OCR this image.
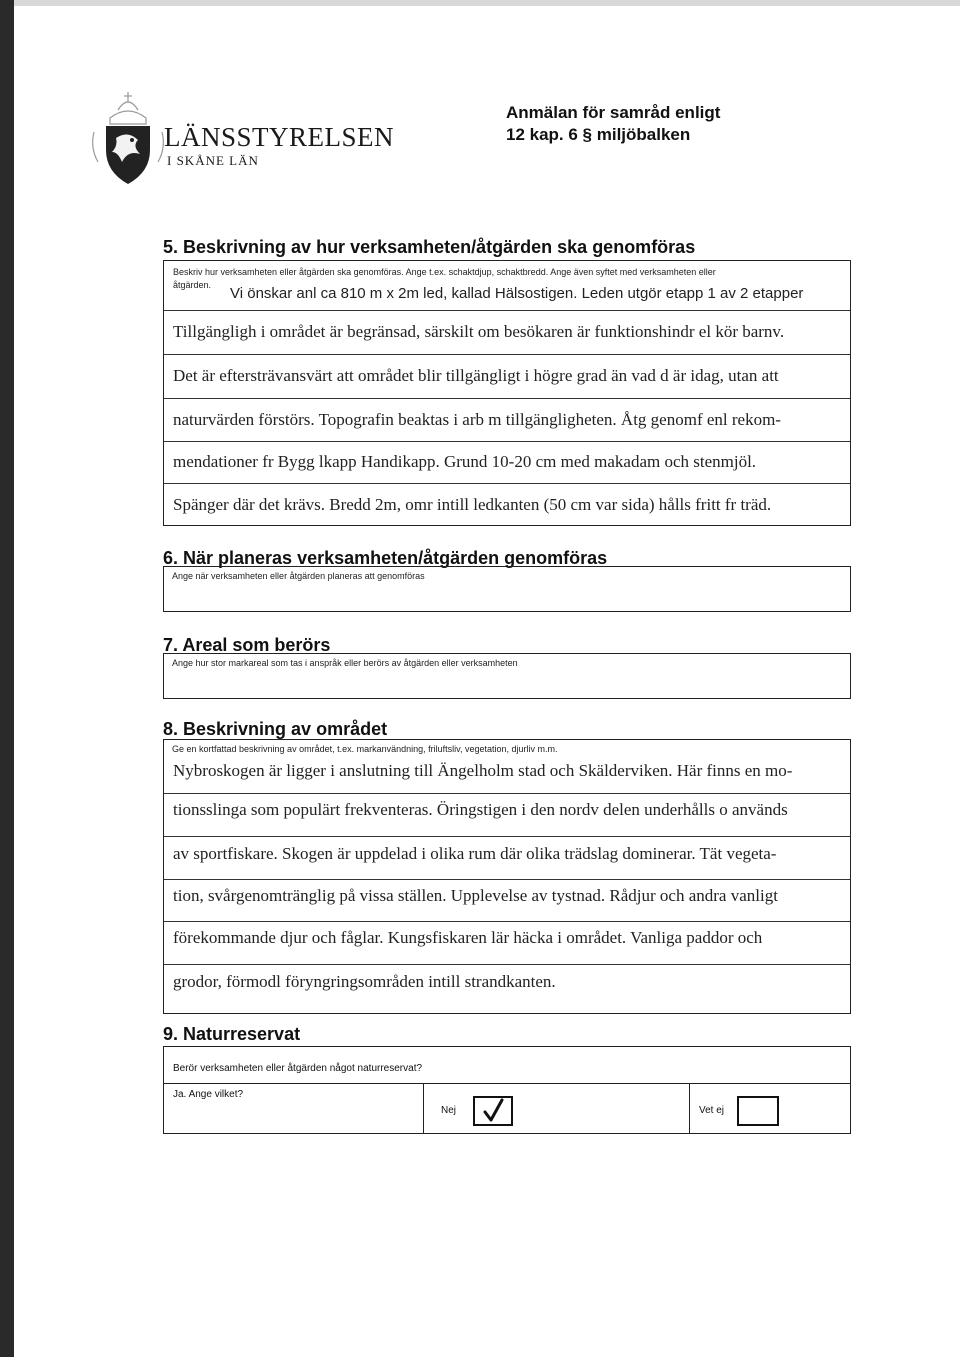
LÄNSSTYRELSEN
I SKÅNE LÄN
Anmälan för samråd enligt
12 kap. 6 § miljöbalken
5. Beskrivning av hur verksamheten/åtgärden ska genomföras
Beskriv hur verksamheten eller åtgärden ska genomföras. Ange t.ex. schaktdjup, schaktbredd. Ange även syftet med verksamheten eller
åtgärden. Vi önskar anl ca 810 m x 2m led, kallad Hälsostigen. Leden utgör etapp 1 av 2 etapper
Tillgängligh i området är begränsad, särskilt om besökaren är funktionshindr el kör barnv.
Det är eftersträvansvärt att området blir tillgängligt i högre grad än vad d är idag, utan att
naturvärden förstörs. Topografin beaktas i arb m tillgängligheten. Åtg genomf enl rekom-
mendationer fr Bygg lkapp Handikapp. Grund 10-20 cm med makadam och stenmjöl.
Spänger där det krävs. Bredd 2m, omr intill ledkanten (50 cm var sida) hålls fritt fr träd.
6. När planeras verksamheten/åtgärden genomföras
Ange när verksamheten eller åtgärden planeras att genomföras
7. Areal som berörs
Ange hur stor markareal som tas i anspråk eller berörs av åtgärden eller verksamheten
8. Beskrivning av området
Ge en kortfattad beskrivning av området, t.ex. markanvändning, friluftsliv, vegetation, djurliv m.m.
Nybroskogen är ligger i anslutning till Ängelholm stad och Skälderviken. Här finns en mo-
tionsslinga som populärt frekventeras. Öringstigen i den nordv delen underhålls o används
av sportfiskare. Skogen är uppdelad i olika rum där olika trädslag dominerar. Tät vegeta-
tion, svårgenomtränglig på vissa ställen. Upplevelse av tystnad. Rådjur och andra vanligt
förekommande djur och fåglar. Kungsfiskaren lär häcka i området. Vanliga paddor och
grodor, förmodl föryngringsområden intill strandkanten.
9. Naturreservat
Berör verksamheten eller åtgärden något naturreservat?
Ja. Ange vilket?
Nej	Vet ej
